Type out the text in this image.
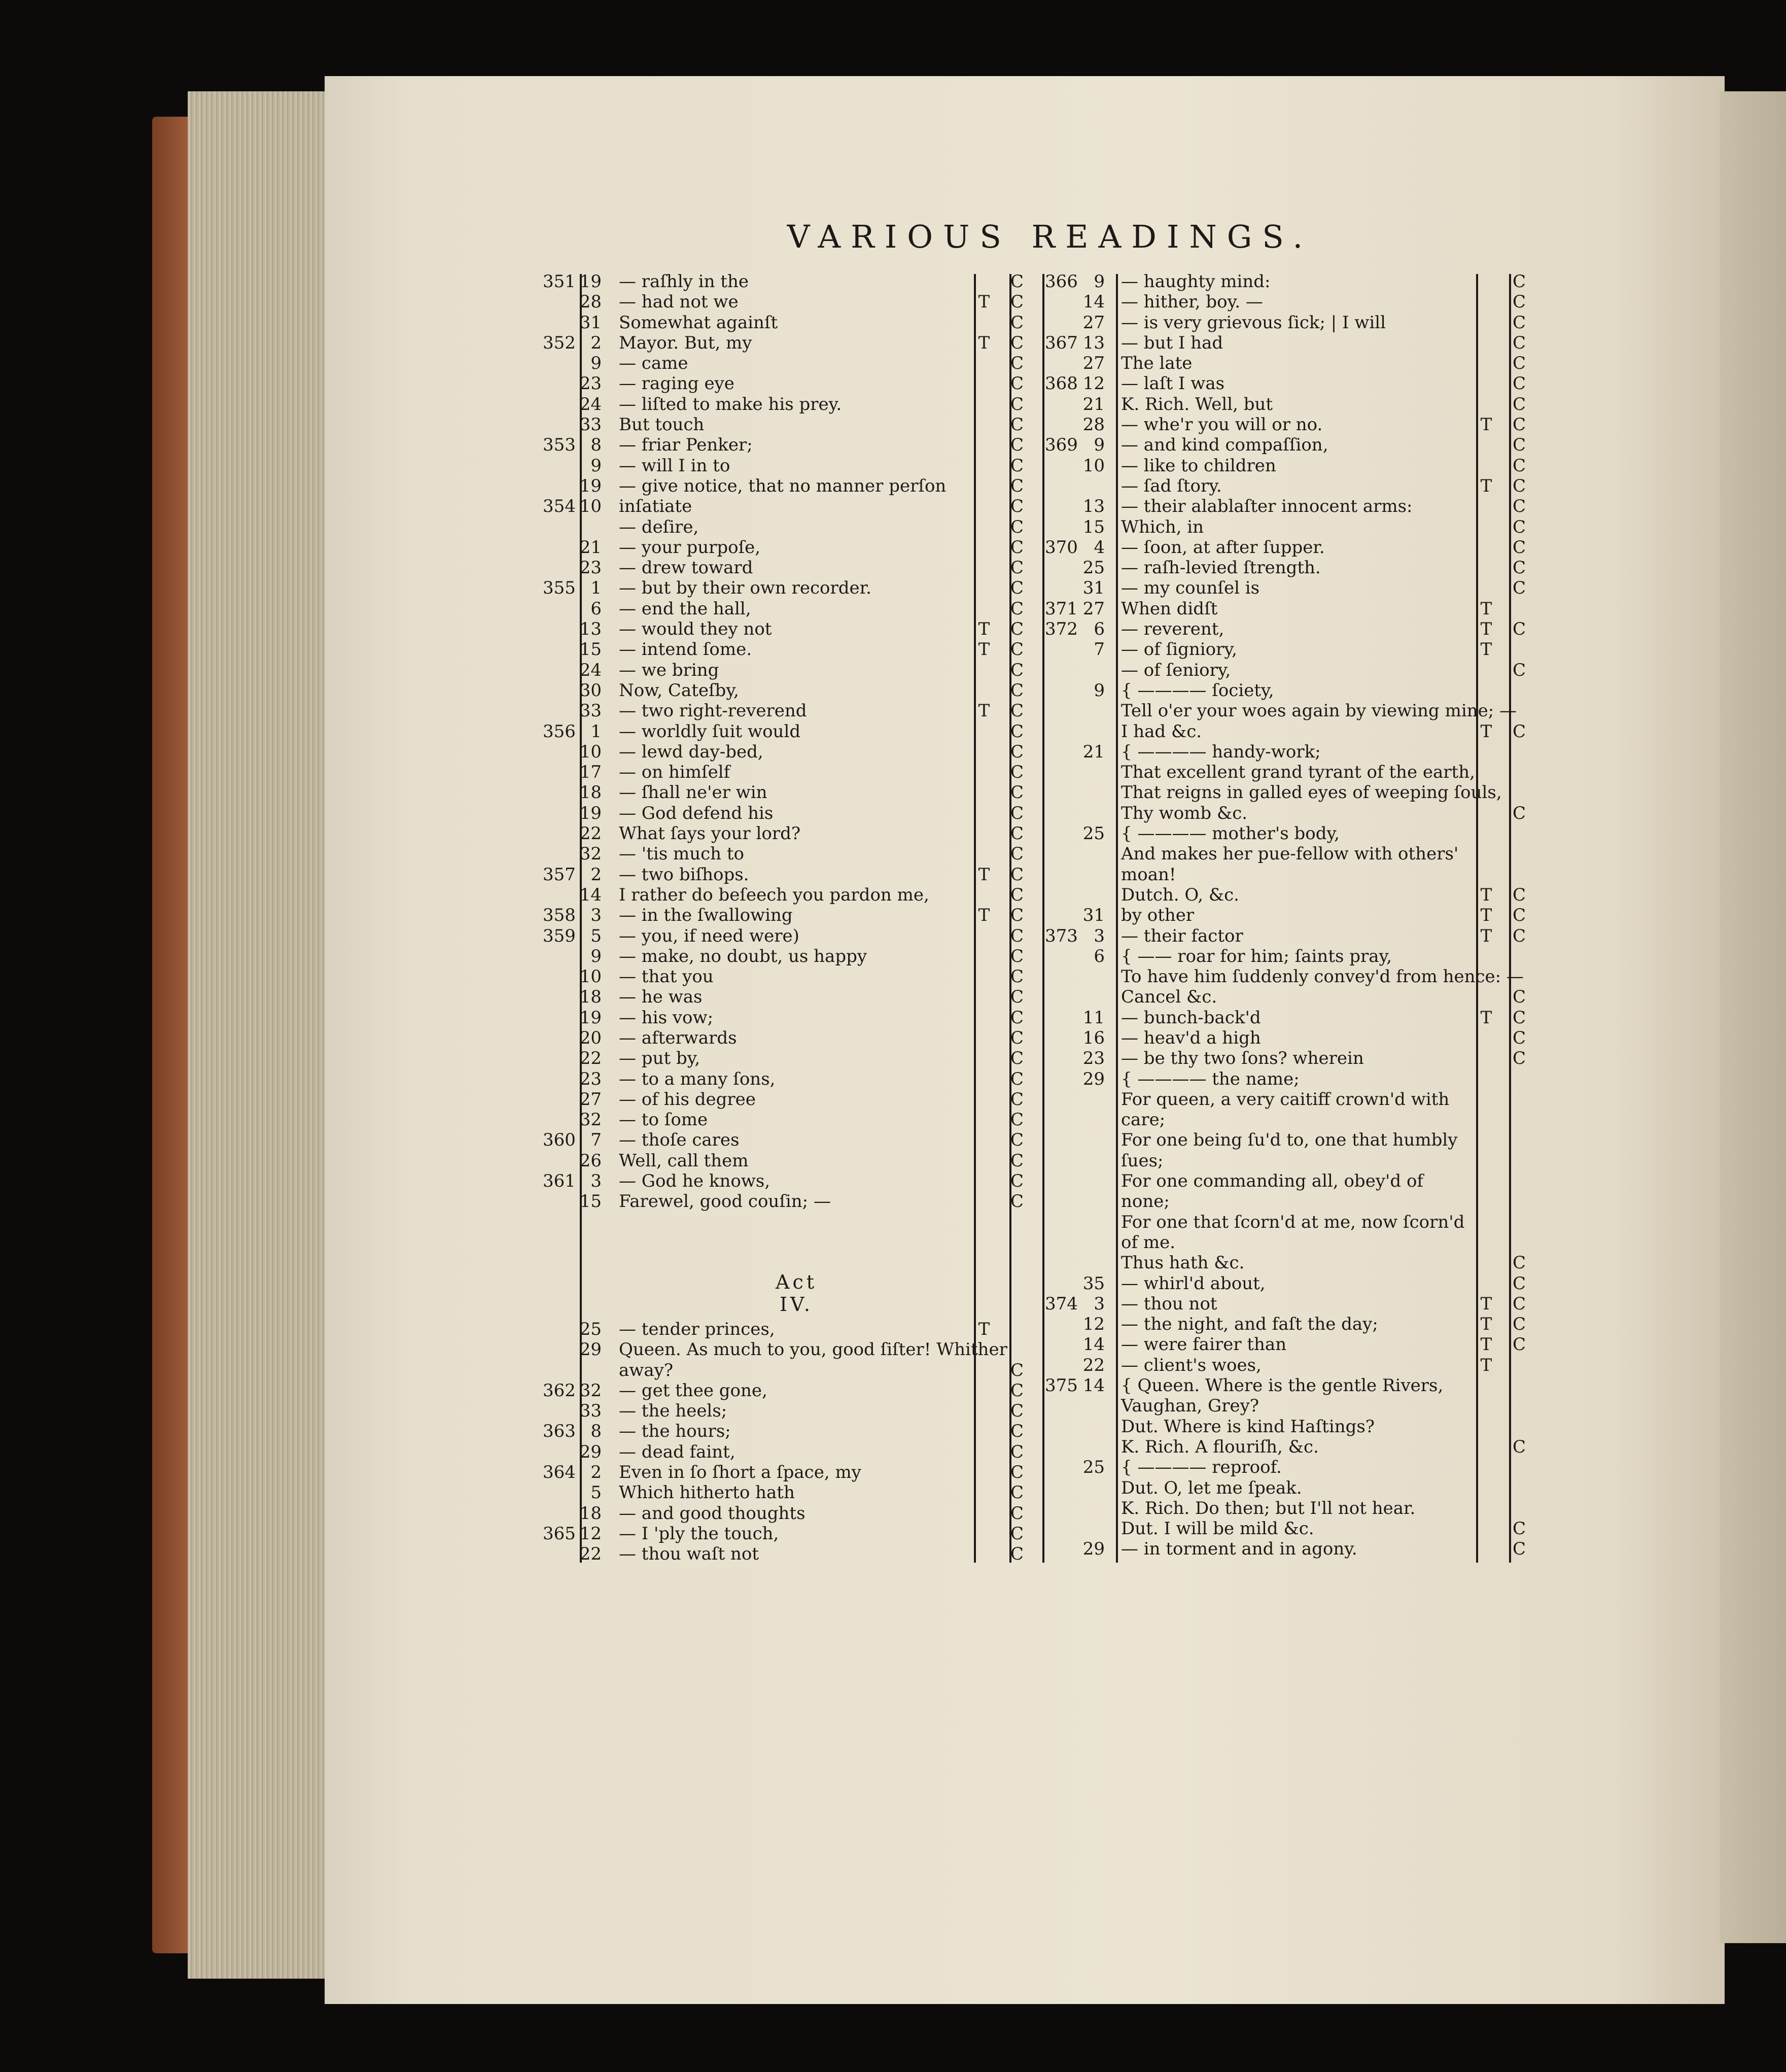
VARIOUS READINGS.
351 19 — raſhly in the	C
28 — had not we	T C
31 Somewhat againſt	C
352 2 Mayor. But, my	T C
9 — came	C
23 — raging eye	C
24 — liſted to make his prey.	C
33 But touch	C
353 8 — friar Penker;	C
9 — will I in to	C
19 — give notice, that no manner perſon	C
354 10 inſatiate	C
— deſire,	C
21 — your purpoſe,	C
23 — drew toward	C
355 1 — but by their own recorder.	C
6 — end the hall,	C
13 — would they not	T C
15 — intend ſome.	T C
24 — we bring	C
30 Now, Cateſby,	C
33 — two right-reverend	T C
356 1 — worldly ſuit would	C
10 — lewd day-bed,	C
17 — on himſelf	C
18 — ſhall ne'er win	C
19 — God defend his	C
22 What ſays your lord?	C
32 — 'tis much to	C
357 2 — two biſhops.	T C
14 I rather do beſeech you pardon me,	C
358 3 — in the ſwallowing	T C
359 5 — you, if need were)	C
9 — make, no doubt, us happy	C
10 — that you	C
18 — he was	C
19 — his vow;	C
20 — afterwards	C
22 — put by,	C
23 — to a many ſons,	C
27 — of his degree	C
32 — to ſome	C
360 7 — thoſe cares	C
26 Well, call them	C
361 3 — God he knows,	C
15 Farewel, good couſin; —	C
Act IV.
25 — tender princes,	T
29 Queen. As much to you, good ſiſter! Whither
away?	C
362 32 — get thee gone,	C
33 — the heels;	C
363 8 — the hours;	C
29 — dead faint,	C
364 2 Even in ſo ſhort a ſpace, my	C
5 Which hitherto hath	C
18 — and good thoughts	C
365 12 — I 'ply the touch,	C
22 — thou waſt not	C
366 9 — haughty mind:	C
14 — hither, boy. —	C
27 — is very grievous ſick; | I will	C
367 13 — but I had	C
27 The late	C
368 12 — laſt I was	C
21 K. Rich. Well, but	C
28 — whe'r you will or no.	T C
369 9 — and kind compaſſion,	C
10 — like to children	C
— ſad ſtory.	T C
13 — their alablaſter innocent arms:	C
15 Which, in	C
370 4 — ſoon, at after ſupper.	C
25 — raſh-levied ſtrength.	C
31 — my counſel is	C
371 27 When didſt	T
372 6 — reverent,	T C
7 — of ſigniory,	T
— of ſeniory,	C
9 { ———— ſociety,
Tell o'er your woes again by viewing mine; —
I had &c.	T C
21 { ———— handy-work;
That excellent grand tyrant of the earth,
That reigns in galled eyes of weeping ſouls,
Thy womb &c.	C
25 { ———— mother's body,
And makes her pue-fellow with others'
moan!
Dutch. O, &c.	T C
31 by other	T C
373 3 — their factor	T C
6 { —— roar for him; ſaints pray,
To have him ſuddenly convey'd from hence: —
Cancel &c.	C
11 — bunch-back'd	T C
16 — heav'd a high	C
23 — be thy two ſons? wherein	C
29 { ———— the name;
For queen, a very caitiff crown'd with
care;
For one being ſu'd to, one that humbly
ſues;
For one commanding all, obey'd of
none;
For one that ſcorn'd at me, now ſcorn'd
of me.
Thus hath &c.	C
35 — whirl'd about,	C
374 3 — thou not	T C
12 — the night, and faſt the day;	T C
14 — were fairer than	T C
22 — client's woes,	T
375 14 { Queen. Where is the gentle Rivers,
Vaughan, Grey?
Dut. Where is kind Haſtings?
K. Rich. A flouriſh, &c.	C
25 { ———— reproof.
Dut. O, let me ſpeak.
K. Rich. Do then; but I'll not hear.
Dut. I will be mild &c.	C
29 — in torment and in agony.	C
